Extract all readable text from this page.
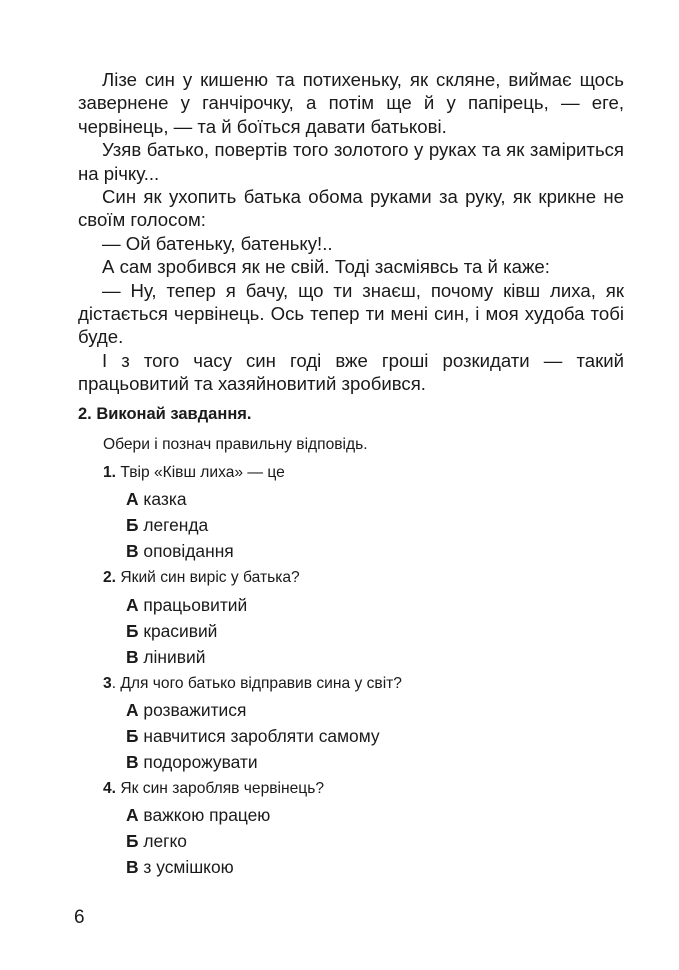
Лізе син у кишеню та потихеньку, як скляне, виймає щось завернене у ганчірочку, а потім ще й у папірець, — еге, червінець, — та й боїться давати батькові.

Узяв батько, повертів того золотого у руках та як заміриться на річку...

Син як ухопить батька обома руками за руку, як крикне не своїм голосом:

— Ой батеньку, батеньку!..

А сам зробився як не свій. Тоді засміявсь та й каже:

— Ну, тепер я бачу, що ти знаєш, почому ківш лиха, як дістається червінець. Ось тепер ти мені син, і моя худоба тобі буде.

І з того часу син годі вже гроші розкидати — такий працьовитий та хазяйновитий зробився.

2. Виконай завдання.
Обери і познач правильну відповідь.
1. Твір «Ківш лиха» — це
А казка
Б легенда
В оповідання
2. Який син виріс у батька?
А працьовитий
Б красивий
В лінивий
3. Для чого батько відправив сина у світ?
А розважитися
Б навчитися заробляти самому
В подорожувати
4. Як син заробляв червінець?
А важкою працею
Б легко
В з усмішкою
6
